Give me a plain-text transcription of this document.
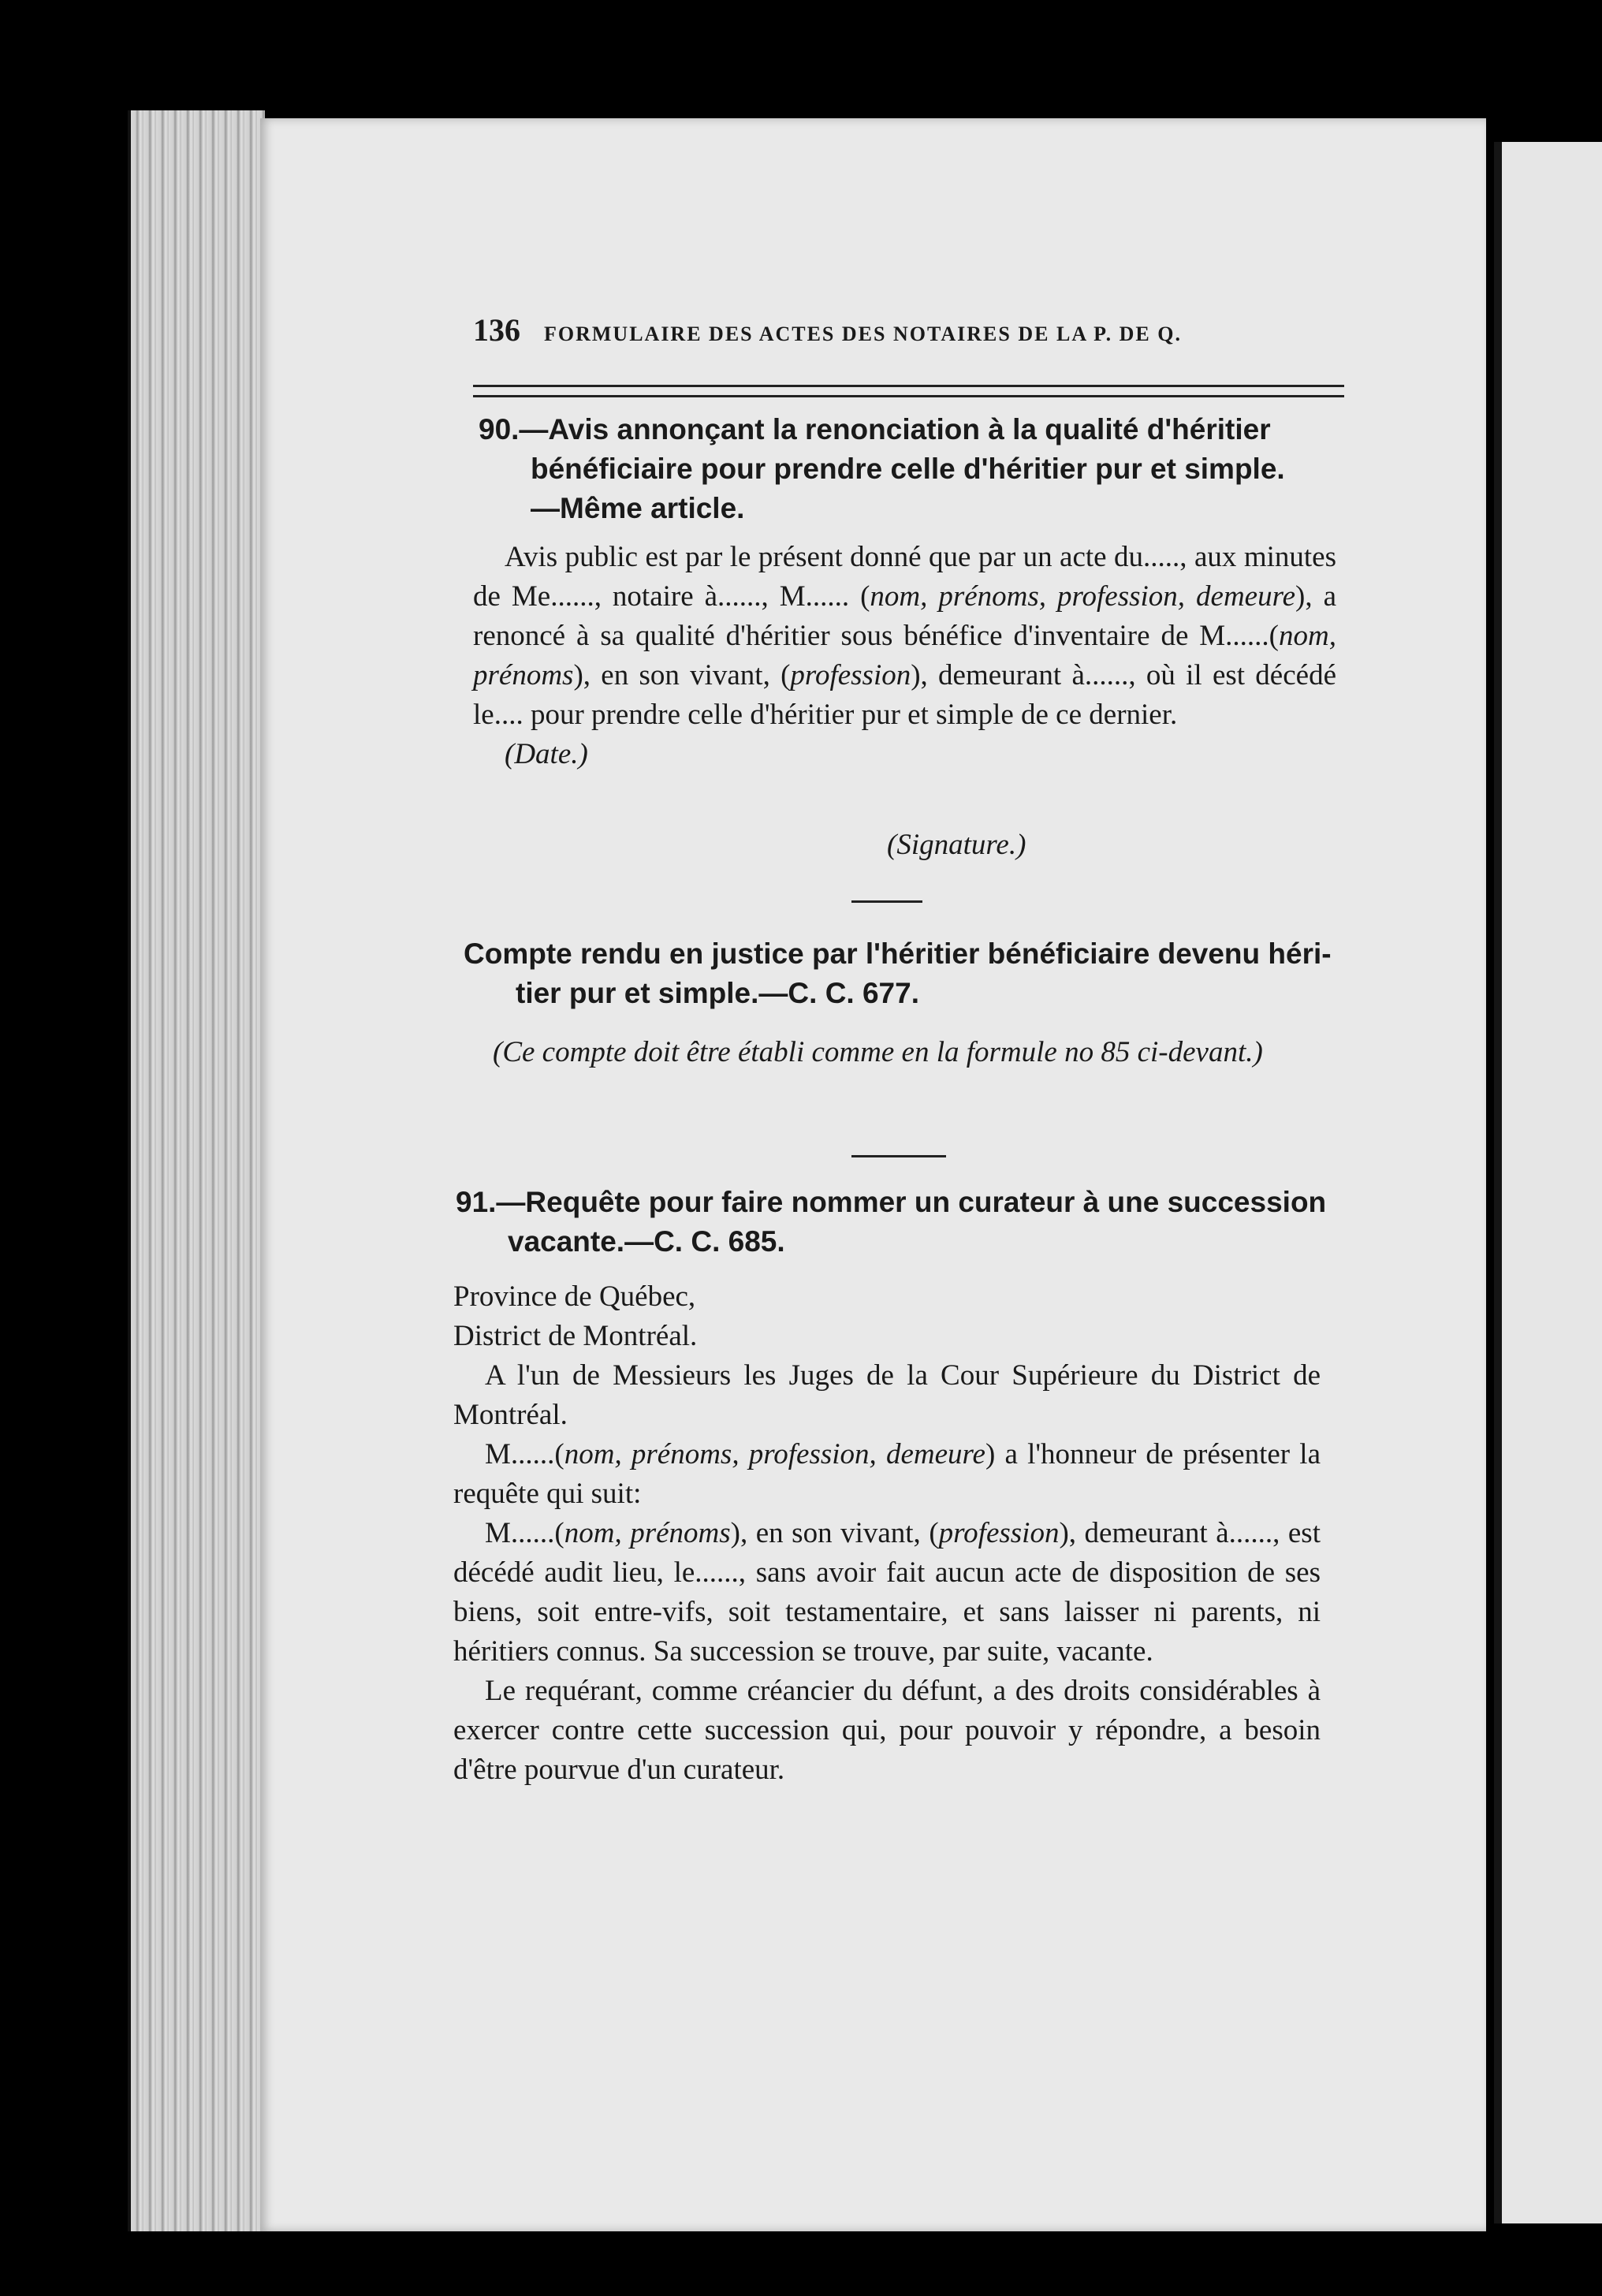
136 FORMULAIRE DES ACTES DES NOTAIRES DE LA P. DE Q.
90.—Avis annonçant la renonciation à la qualité d'héritier
bénéficiaire pour prendre celle d'héritier pur et simple.
—Même article.

Avis public est par le présent donné que par un acte du....., aux minutes de Me......, notaire à......, M...... (nom, prénoms, profession, demeure), a renoncé à sa qualité d'héritier sous bénéfice d'inventaire de M......(nom, prénoms), en son vivant, (profession), demeurant à......, où il est décédé le.... pour prendre celle d'héritier pur et simple de ce dernier.

(Date.)

(Signature.)
Compte rendu en justice par l'héritier bénéficiaire devenu héri-
tier pur et simple.—C. C. 677.

(Ce compte doit être établi comme en la formule no 85 ci-devant.)

91.—Requête pour faire nommer un curateur à une succession
vacante.—C. C. 685.

Province de Québec,

District de Montréal.

A l'un de Messieurs les Juges de la Cour Supérieure du District de Montréal.

M......(nom, prénoms, profession, demeure) a l'honneur de présenter la requête qui suit:

M......(nom, prénoms), en son vivant, (profession), demeurant à......, est décédé audit lieu, le......, sans avoir fait aucun acte de disposition de ses biens, soit entre-vifs, soit testamentaire, et sans laisser ni parents, ni héritiers connus. Sa succession se trouve, par suite, vacante.

Le requérant, comme créancier du défunt, a des droits considérables à exercer contre cette succession qui, pour pouvoir y répondre, a besoin d'être pourvue d'un curateur.
